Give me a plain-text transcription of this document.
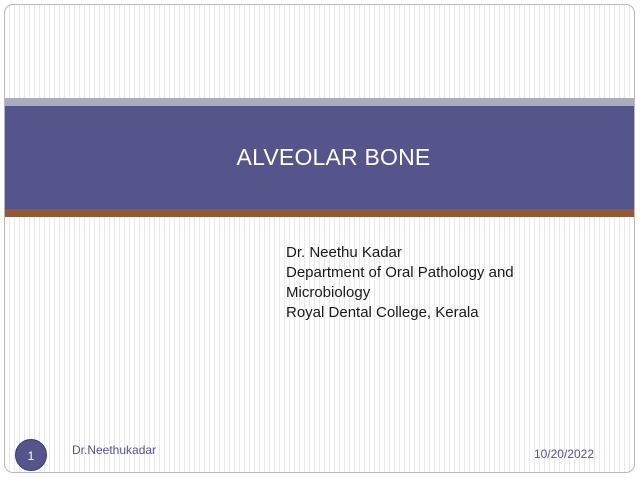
ALVEOLAR BONE
Dr. Neethu Kadar
Department of Oral Pathology and
Microbiology
Royal Dental College, Kerala
1	Dr.Neethukadar	10/20/2022
